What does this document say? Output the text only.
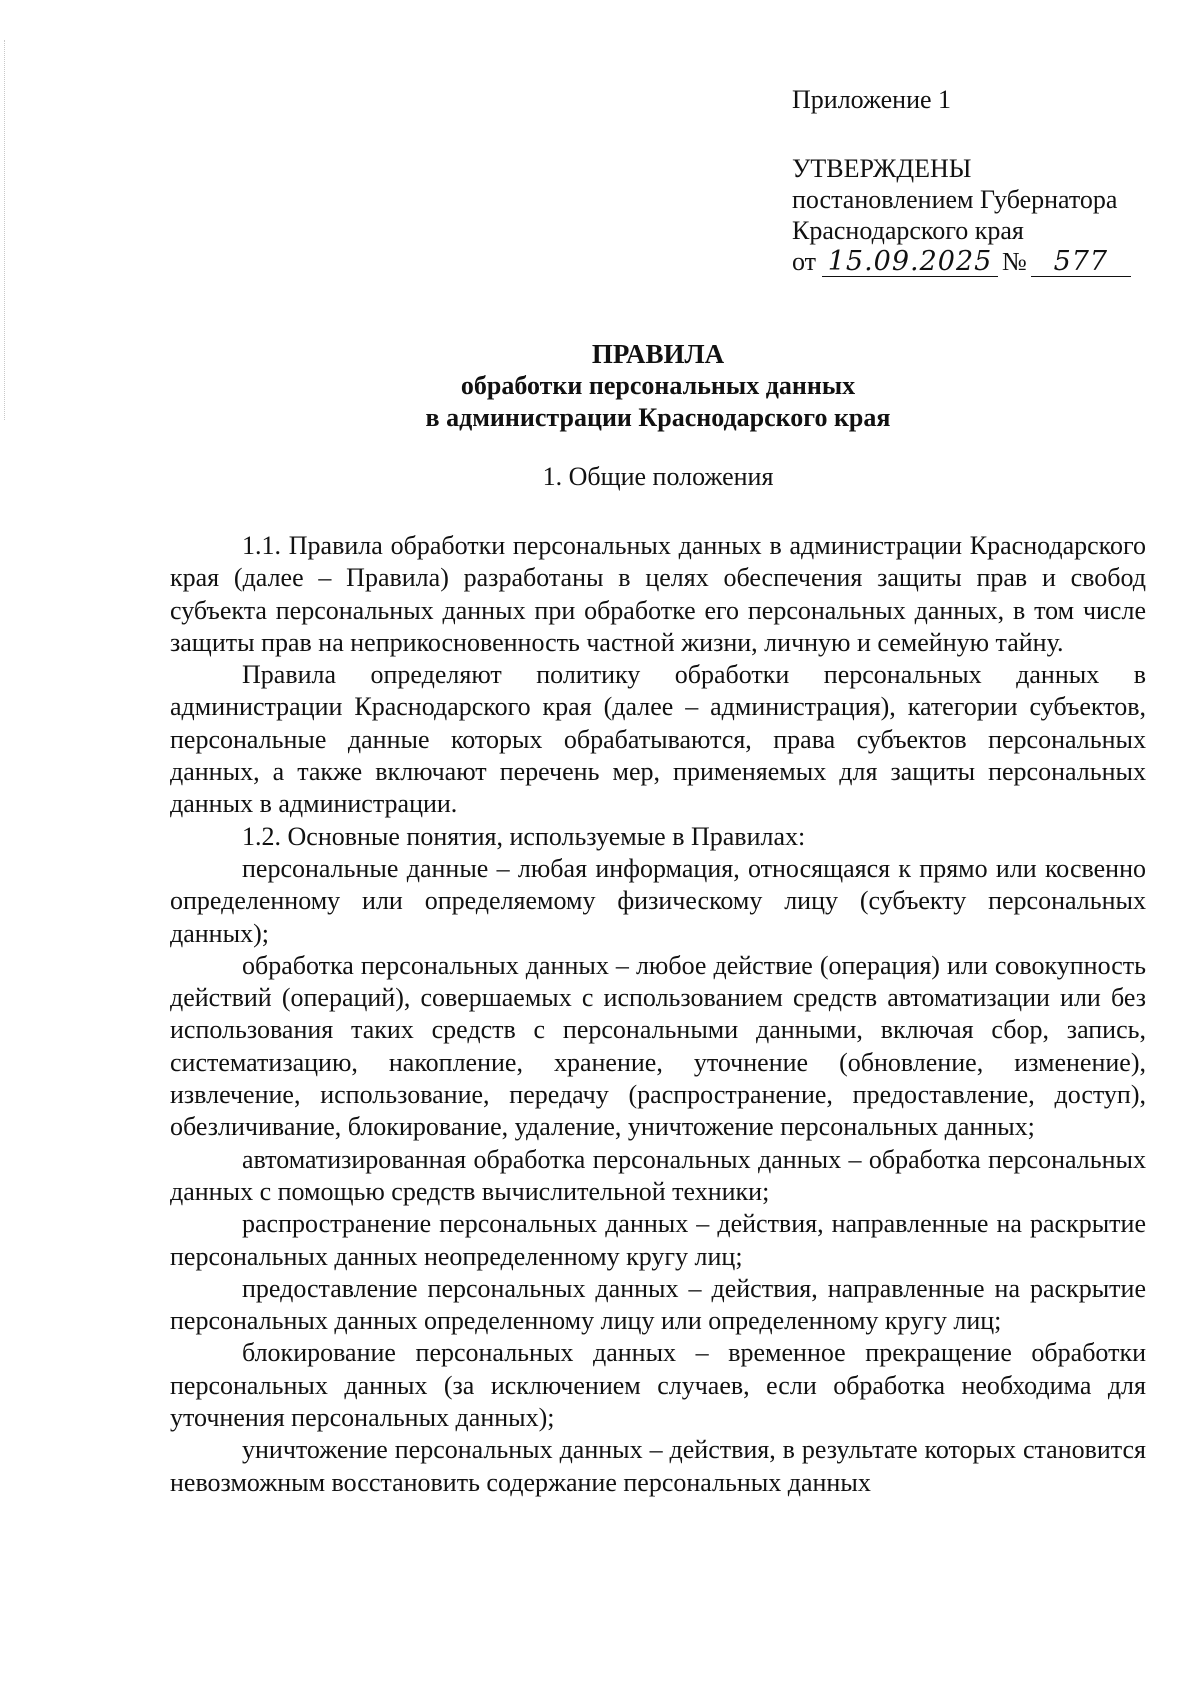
Приложение 1

УТВЕРЖДЕНЫ

постановлением Губернатора

Краснодарского края

от 15.09.2025 № 577

ПРАВИЛА

обработки персональных данных

в администрации Краснодарского края

1. Общие положения

1.1. Правила обработки персональных данных в администрации Краснодарского края (далее – Правила) разработаны в целях обеспечения защиты прав и свобод субъекта персональных данных при обработке его персональных данных, в том числе защиты прав на неприкосновенность частной жизни, личную и семейную тайну.

Правила определяют политику обработки персональных данных в администрации Краснодарского края (далее – администрация), категории субъектов, персональные данные которых обрабатываются, права субъектов персональных данных, а также включают перечень мер, применяемых для защиты персональных данных в администрации.

1.2. Основные понятия, используемые в Правилах:

персональные данные – любая информация, относящаяся к прямо или косвенно определенному или определяемому физическому лицу (субъекту персональных данных);

обработка персональных данных – любое действие (операция) или совокупность действий (операций), совершаемых с использованием средств автоматизации или без использования таких средств с персональными данными, включая сбор, запись, систематизацию, накопление, хранение, уточнение (обновление, изменение), извлечение, использование, передачу (распространение, предоставление, доступ), обезличивание, блокирование, удаление, уничтожение персональных данных;

автоматизированная обработка персональных данных – обработка персональных данных с помощью средств вычислительной техники;

распространение персональных данных – действия, направленные на раскрытие персональных данных неопределенному кругу лиц;

предоставление персональных данных – действия, направленные на раскрытие персональных данных определенному лицу или определенному кругу лиц;

блокирование персональных данных – временное прекращение обработки персональных данных (за исключением случаев, если обработка необходима для уточнения персональных данных);

уничтожение персональных данных – действия, в результате которых становится невозможным восстановить содержание персональных данных
